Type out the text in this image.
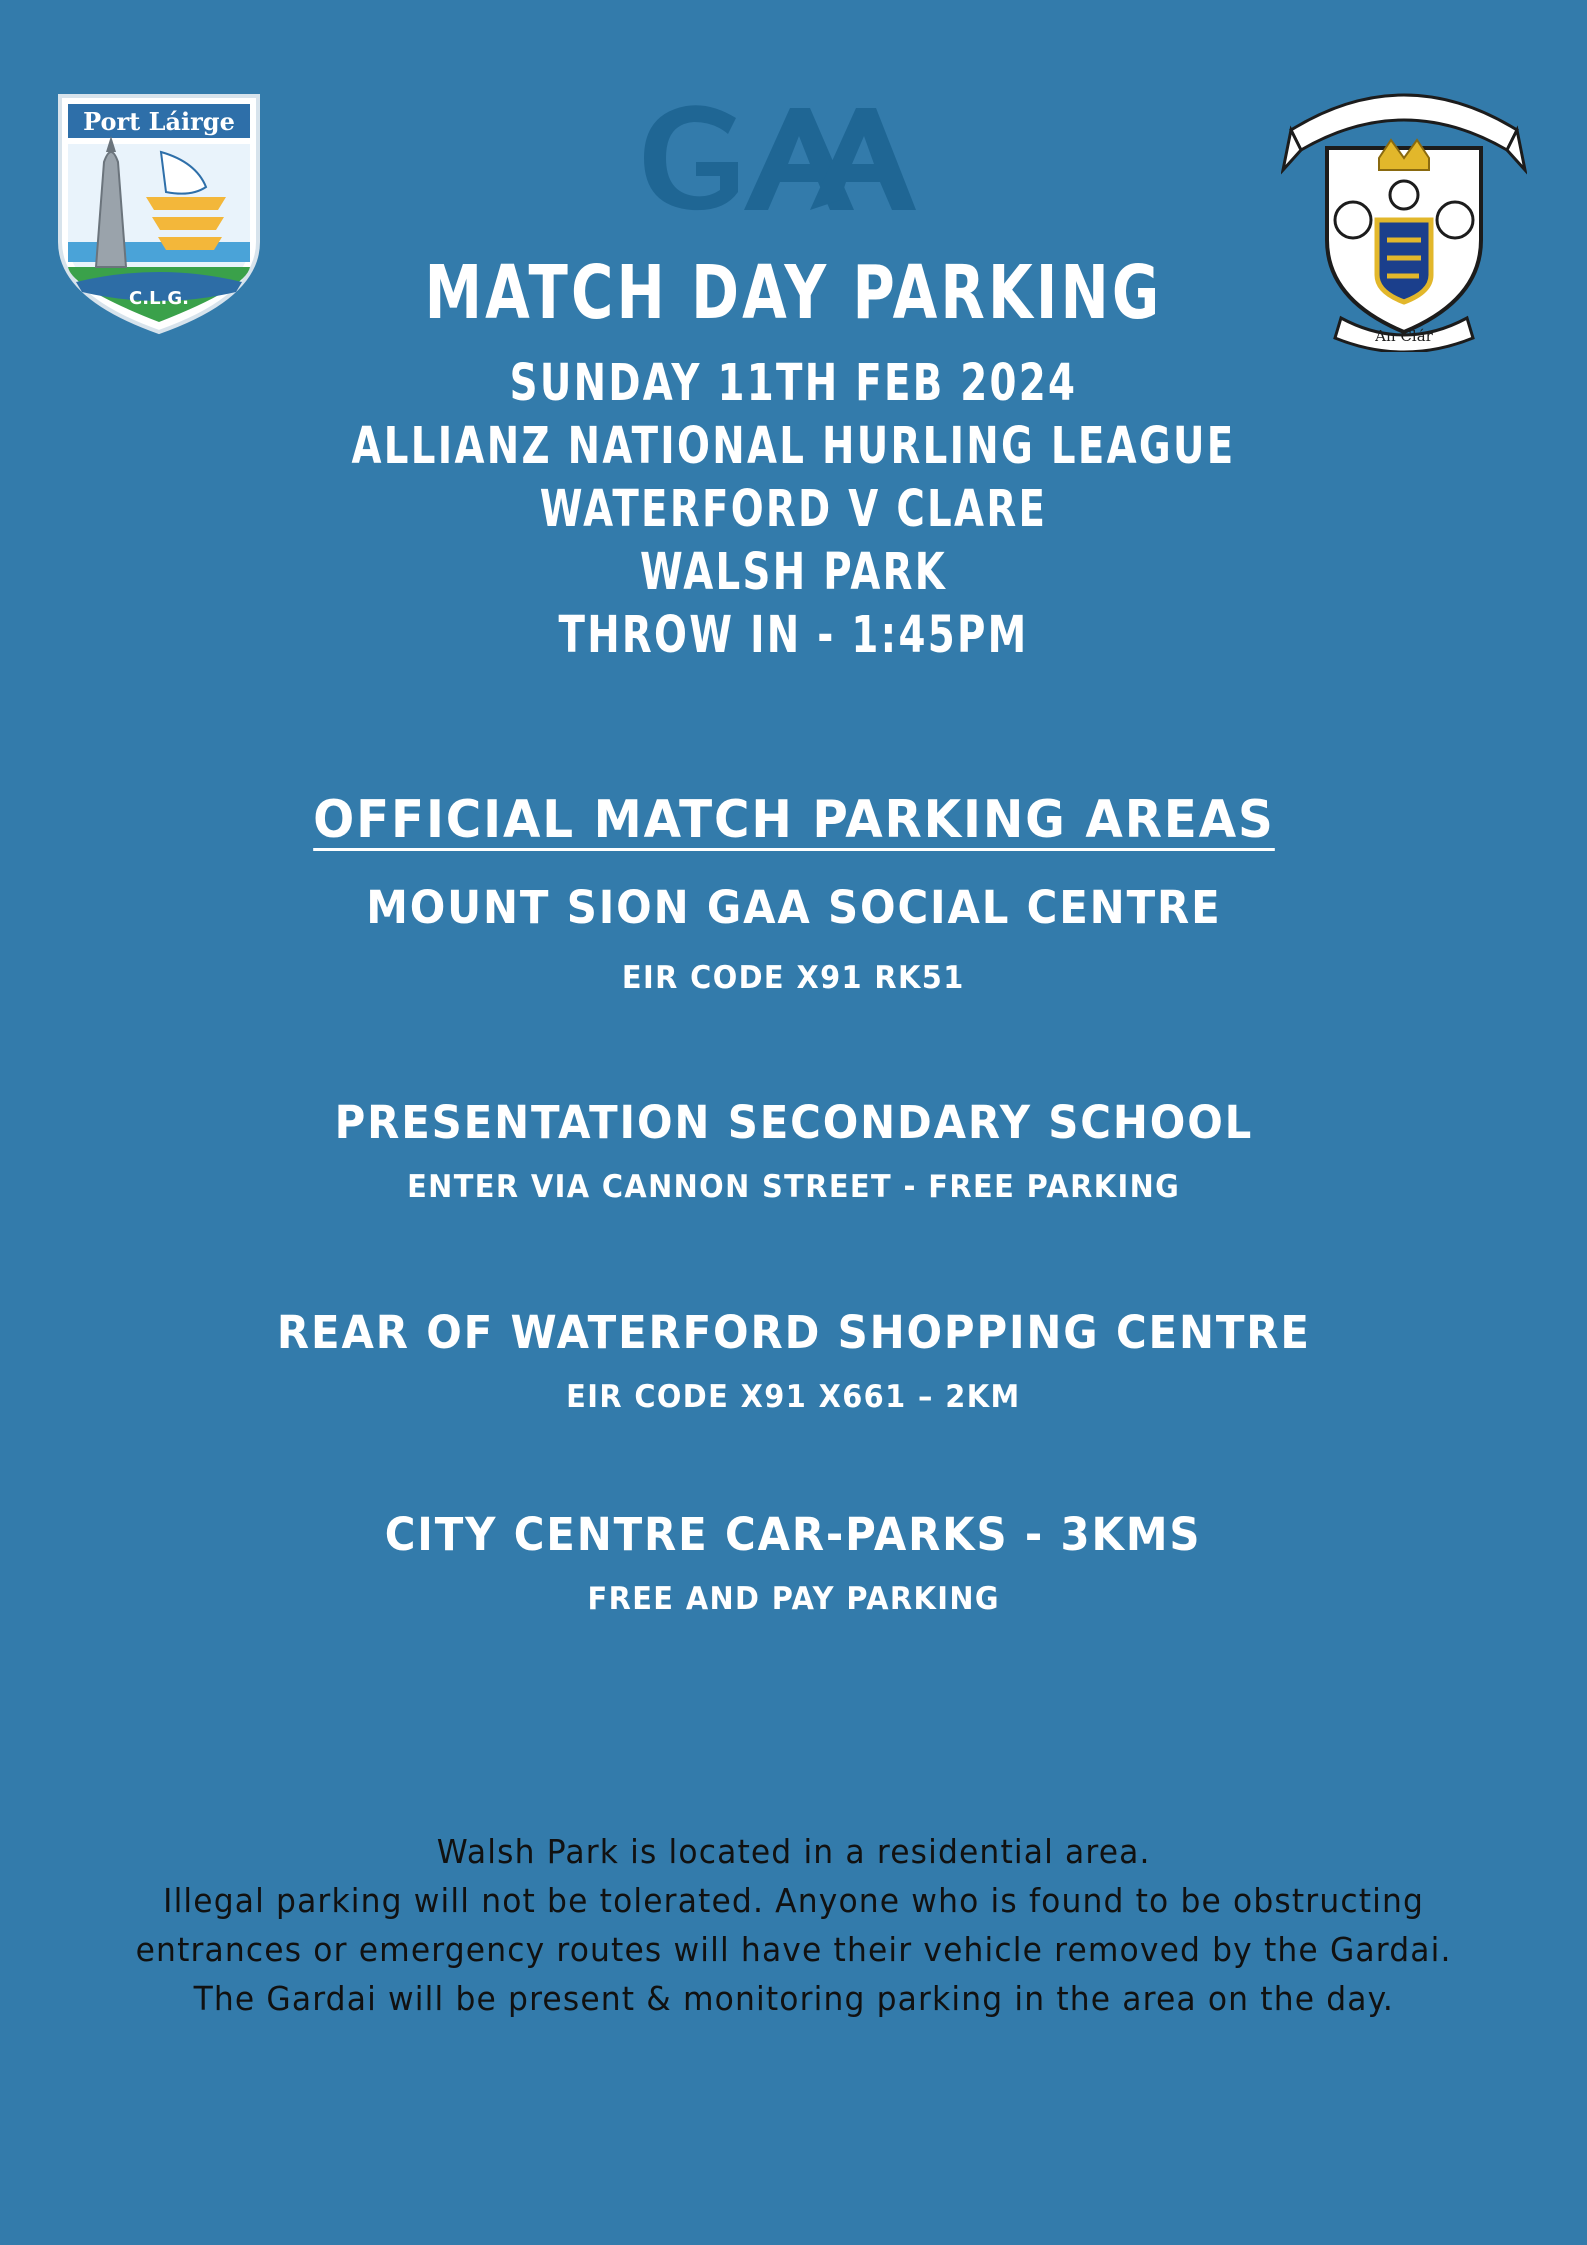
Port Láirge
C.L.G.
An Clár
MATCH DAY PARKING
SUNDAY 11TH FEB 2024
ALLIANZ NATIONAL HURLING LEAGUE
WATERFORD V CLARE
WALSH PARK
THROW IN - 1:45PM
OFFICIAL MATCH PARKING AREAS
MOUNT SION GAA SOCIAL CENTRE
EIR CODE X91 RK51
PRESENTATION SECONDARY SCHOOL
ENTER VIA CANNON STREET - FREE PARKING
REAR OF WATERFORD SHOPPING CENTRE
EIR CODE X91 X661 – 2KM
CITY CENTRE CAR-PARKS - 3KMS
FREE AND PAY PARKING
Walsh Park is located in a residential area.
Illegal parking will not be tolerated. Anyone who is found to be obstructing
entrances or emergency routes will have their vehicle removed by the Gardai.
The Gardai will be present & monitoring parking in the area on the day.
